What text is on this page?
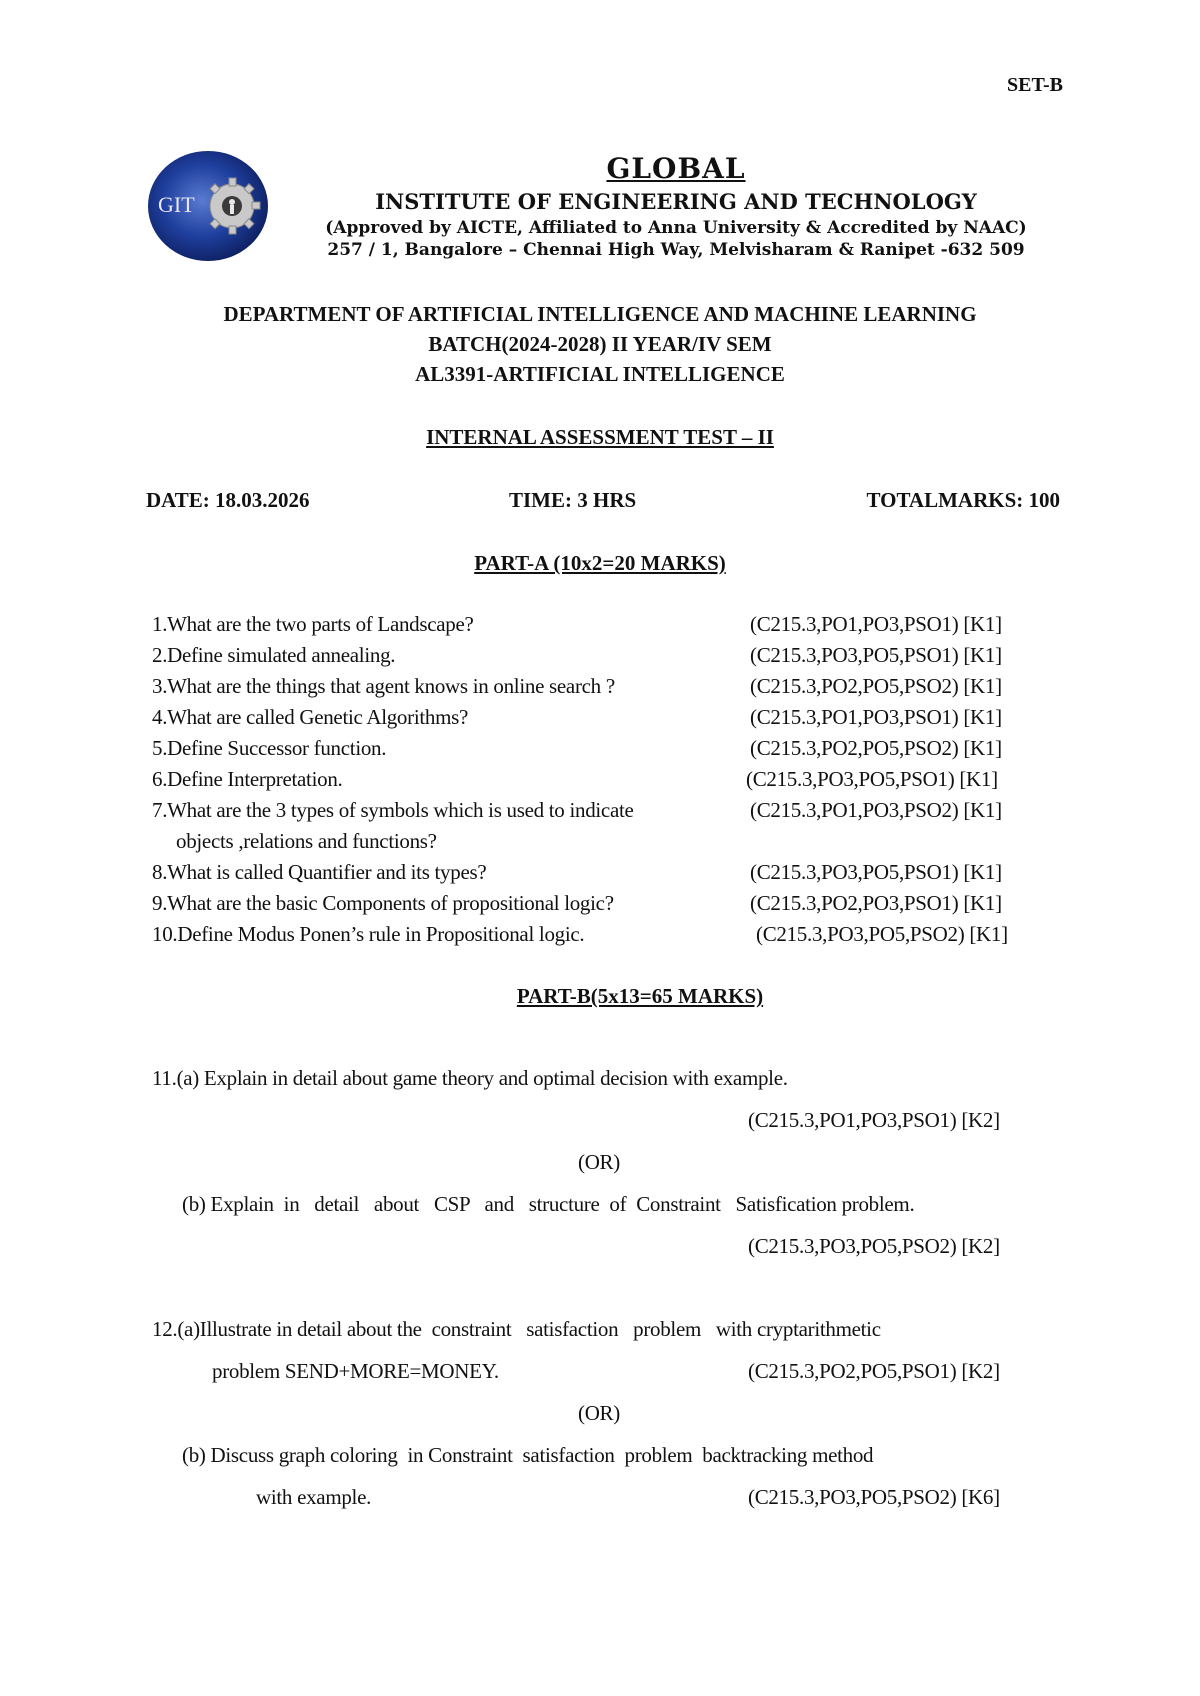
SET-B
GIT
GLOBAL
INSTITUTE OF ENGINEERING AND TECHNOLOGY
(Approved by AICTE, Affiliated to Anna University & Accredited by NAAC)
257 / 1, Bangalore – Chennai High Way, Melvisharam & Ranipet -632 509
DEPARTMENT OF ARTIFICIAL INTELLIGENCE AND MACHINE LEARNING
BATCH(2024-2028) II YEAR/IV SEM
AL3391-ARTIFICIAL INTELLIGENCE
INTERNAL ASSESSMENT TEST – II
DATE: 18.03.2026	TIME: 3 HRS	TOTALMARKS: 100
PART-A (10x2=20 MARKS)
1.What are the two parts of Landscape?	(C215.3,PO1,PO3,PSO1) [K1]
2.Define simulated annealing.	(C215.3,PO3,PO5,PSO1) [K1]
3.What are the things that agent knows in online search ?	(C215.3,PO2,PO5,PSO2) [K1]
4.What are called Genetic Algorithms?	(C215.3,PO1,PO3,PSO1) [K1]
5.Define Successor function.	(C215.3,PO2,PO5,PSO2) [K1]
6.Define Interpretation.	(C215.3,PO3,PO5,PSO1) [K1]
7.What are the 3 types of symbols which is used to indicate	(C215.3,PO1,PO3,PSO2) [K1]
objects ,relations and functions?
8.What is called Quantifier and its types?	(C215.3,PO3,PO5,PSO1) [K1]
9.What are the basic Components of propositional logic?	(C215.3,PO2,PO3,PSO1) [K1]
10.Define Modus Ponen’s rule in Propositional logic.	(C215.3,PO3,PO5,PSO2) [K1]
PART-B(5x13=65 MARKS)
11.(a) Explain in detail about game theory and optimal decision with example.
(C215.3,PO1,PO3,PSO1) [K2]
(OR)
(b) Explain  in   detail   about   CSP   and   structure  of  Constraint   Satisfication problem.
(C215.3,PO3,PO5,PSO2) [K2]
12.(a)Illustrate in detail about the  constraint   satisfaction   problem   with cryptarithmetic
problem SEND+MORE=MONEY.	(C215.3,PO2,PO5,PSO1) [K2]
(OR)
(b) Discuss graph coloring  in Constraint  satisfaction  problem  backtracking method
with example.	(C215.3,PO3,PO5,PSO2) [K6]
